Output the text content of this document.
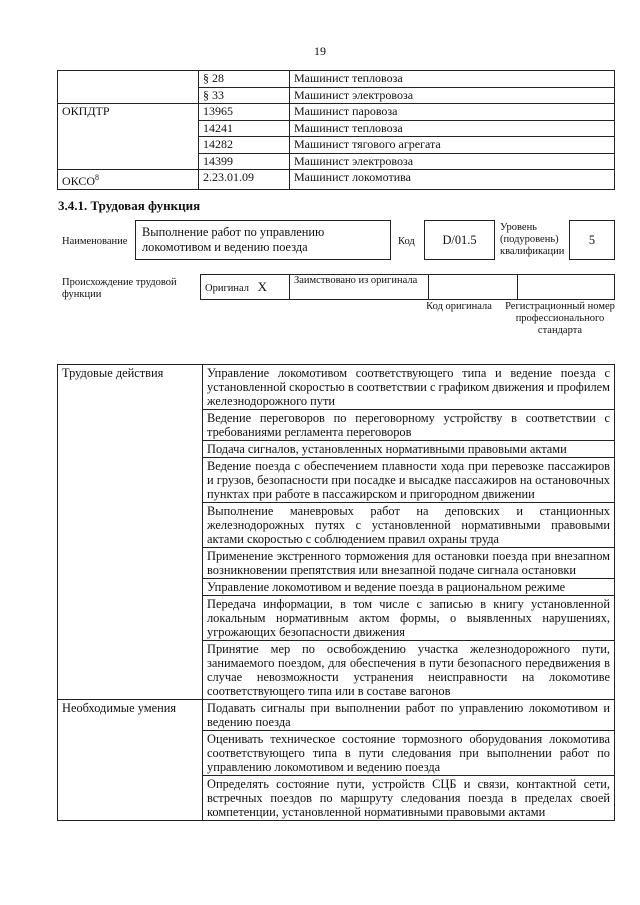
19
	§ 28	Машинист тепловоза
	§ 33	Машинист электровоза
ОКПДТР	13965	Машинист паровоза
	14241	Машинист тепловоза
	14282	Машинист тягового агрегата
	14399	Машинист электровоза
ОКСО$^8$	2.23.01.09	Машинист локомотива
3.4.1. Трудовая функция
Наименование
Выполнение работ по управлению локомотивом и ведению поезда	Код	D/01.5
Уровень (подуровень) квалификации
5
Происхождение трудовой функции
Оригинал X	Заимствовано из оригинала		
Код оригинала	Регистрационный номер профессионального стандарта
Трудовые действия	Управление локомотивом соответствующего типа и ведение поезда с установленной скоростью в соответствии с графиком движения и профилем железнодорожного пути
	Ведение переговоров по переговорному устройству в соответствии с требованиями регламента переговоров
	Подача сигналов, установленных нормативными правовыми актами
	Ведение поезда с обеспечением плавности хода при перевозке пассажиров и грузов, безопасности при посадке и высадке пассажиров на остановочных пунктах при работе в пассажирском и пригородном движении
	Выполнение маневровых работ на деповских и станционных железнодорожных путях с установленной нормативными правовыми актами скоростью с соблюдением правил охраны труда
	Применение экстренного торможения для остановки поезда при внезапном возникновении препятствия или внезапной подаче сигнала остановки
	Управление локомотивом и ведение поезда в рациональном режиме
	Передача информации, в том числе с записью в книгу установленной локальным нормативным актом формы, о выявленных нарушениях, угрожающих безопасности движения
	Принятие мер по освобождению участка железнодорожного пути, занимаемого поездом, для обеспечения в пути безопасного передвижения в случае невозможности устранения неисправности на локомотиве соответствующего типа или в составе вагонов
Необходимые умения	Подавать сигналы при выполнении работ по управлению локомотивом и ведению поезда
	Оценивать техническое состояние тормозного оборудования локомотива соответствующего типа в пути следования при выполнении работ по управлению локомотивом и ведению поезда
	Определять состояние пути, устройств СЦБ и связи, контактной сети, встречных поездов по маршруту следования поезда в пределах своей компетенции, установленной нормативными правовыми актами
